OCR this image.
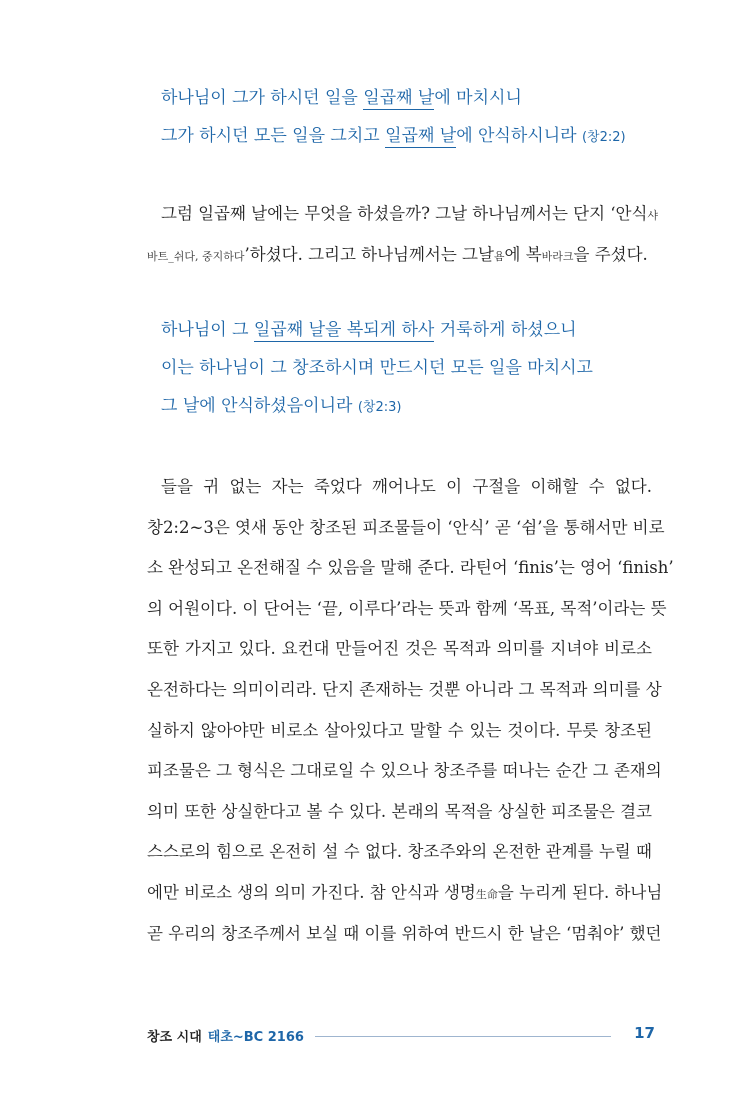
하나님이 그가 하시던 일을 일곱째 날에 마치시니
그가 하시던 모든 일을 그치고 일곱째 날에 안식하시니라 (창2:2)
그럼 일곱째 날에는 무엇을 하셨을까? 그날 하나님께서는 단지 ‘안식샤
바트_쉬다, 중지하다’하셨다. 그리고 하나님께서는 그날욤에 복바라크을 주셨다.
하나님이 그 일곱째 날을 복되게 하사 거룩하게 하셨으니
이는 하나님이 그 창조하시며 만드시던 모든 일을 마치시고
그 날에 안식하셨음이니라 (창2:3)
들을 귀 없는 자는 죽었다 깨어나도 이 구절을 이해할 수 없다.
창2:2~3은 엿새 동안 창조된 피조물들이 ‘안식’ 곧 ‘쉼’을 통해서만 비로
소 완성되고 온전해질 수 있음을 말해 준다. 라틴어 ‘finis’는 영어 ‘finish’
의 어원이다. 이 단어는 ‘끝, 이루다’라는 뜻과 함께 ‘목표, 목적’이라는 뜻
또한 가지고 있다. 요컨대 만들어진 것은 목적과 의미를 지녀야 비로소
온전하다는 의미이리라. 단지 존재하는 것뿐 아니라 그 목적과 의미를 상
실하지 않아야만 비로소 살아있다고 말할 수 있는 것이다. 무릇 창조된
피조물은 그 형식은 그대로일 수 있으나 창조주를 떠나는 순간 그 존재의
의미 또한 상실한다고 볼 수 있다. 본래의 목적을 상실한 피조물은 결코
스스로의 힘으로 온전히 설 수 없다. 창조주와의 온전한 관계를 누릴 때
에만 비로소 생의 의미 가진다. 참 안식과 생명生命을 누리게 된다. 하나님
곧 우리의 창조주께서 보실 때 이를 위하여 반드시 한 날은 ‘멈춰야’ 했던
창조 시대 태초~BC 2166	17
